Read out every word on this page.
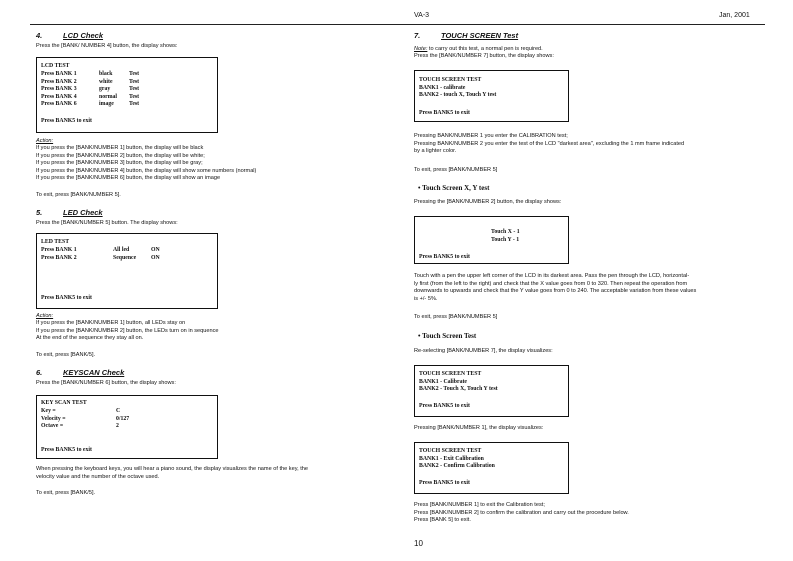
VA-3	Jan, 2001
4.	LCD Check
Press the [BANK/ NUMBER 4] button, the display shows:
LCD TEST
Press BANK 1	black	Test
Press BANK 2	white	Test
Press BANK 3	gray	Test
Press BANK 4	normal	Test
Press BANK 6	image	Test
Press BANK5 to exit
Action:
If you press the [BANK/NUMBER 1] button, the display will be black
If you press the [BANK/NUMBER 2] button, the display will be white;
If you press the [BANK/NUMBER 3] button, the display will be gray;
If you press the [BANK/NUMBER 4] button, the display will show some numbers (normal)
If you press the [BANK/NUMBER 6] button, the display will show an image
To exit, press [BANK/NUMBER 5].
5.	LED Check
Press the [BANK/NUMBER 5] button. The display shows:
LED TEST
Press BANK 1	All led	ON
Press BANK 2	Sequence	ON
Press BANK5 to exit
Action:
If you press the [BANK/NUMBER 1] button, all LEDs stay on
If you press the [BANK/NUMBER 2] button, the LEDs turn on in sequence
At the end of the sequence they stay all on.
To exit, press [BANK/5].
6.	KEYSCAN Check
Press the [BANK/NUMBER 6] button, the display shows:
KEY SCAN TEST
Key =	C
Velocity =	0/127
Octave =	2
Press BANK5 to exit
When pressing the keyboard keys, you will hear a piano sound, the display visualizes the name of the key, the
velocity value and the number of the octave used.
To exit, press [BANK/5].
7.	TOUCH SCREEN Test
Note: to carry out this test, a normal pen is required.
Press the [BANK/NUMBER 7] button, the display shows:
TOUCH SCREEN TEST
BANK1 - calibrate
BANK2 - touch X, Touch Y test
Press BANK5 to exit
Pressing BANK/NUMBER 1 you enter the CALIBRATION test;
Pressing BANK/NUMBER 2 you enter the test of the LCD "darkest area", excluding the 1 mm frame indicated
by a lighter color.
To exit, press [BANK/NUMBER 5]
• Touch Screen X, Y test
Pressing the [BANK/NUMBER 2] button, the display shows:
Touch X - 1
Touch Y - 1
Press BANK5 to exit
Touch with a pen the upper left corner of the LCD in its darkest area. Pass the pen through the LCD, horizontal-
ly first (from the left to the right) and check that the X value goes from 0 to 320. Then repeat the operation from
downwards to upwards and check that the Y value goes from 0 to 240. The acceptable variation from these values
is +/- 5%.
To exit, press [BANK/NUMBER 5]
• Touch Screen Test
Re-selecting [BANK/NUMBER 7], the display visualizes:
TOUCH SCREEN TEST
BANK1 - Calibrate
BANK2 - Touch X, Touch Y test
Press BANK5 to exit
Pressing [BANK/NUMBER 1], the display visualizes:
TOUCH SCREEN TEST
BANK1 - Exit Calibration
BANK2 - Confirm Calibration
Press BANK5 to exit
Press [BANK/NUMBER 1] to exit the Calibration test;
Press [BANK/NUMBER 2] to confirm the calibration and carry out the procedure below.
Press [BANK 5] to exit.
10
